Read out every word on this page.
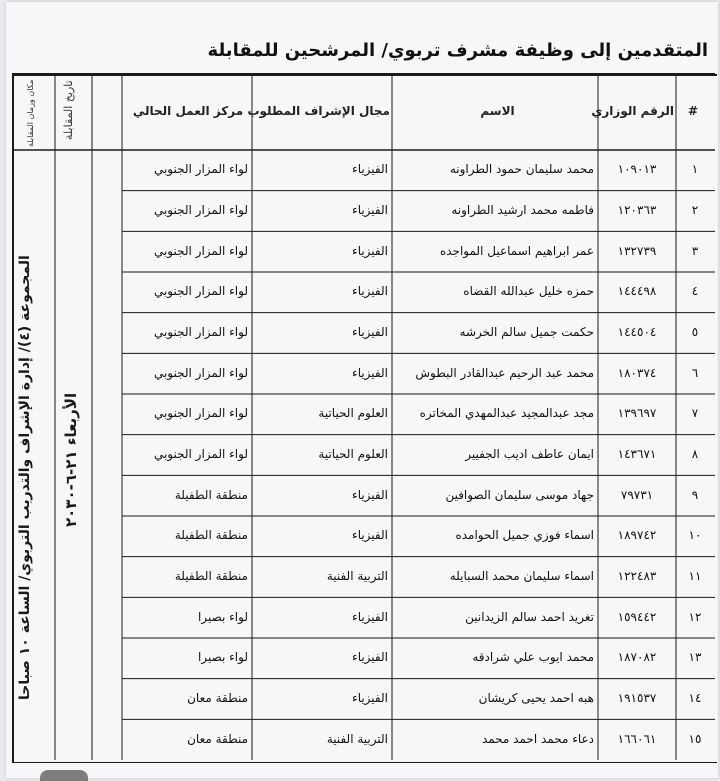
المتقدمين إلى وظيفة مشرف تربوي/ المرشحين للمقابلة
#
الرقم الوزاري
الاسم
مجال الإشراف المطلوب
مركز العمل الحالي
تاريخ المقابلة
مكان وزمان المقابلة
المجموعة (٤)/ إدارة الإشراف والتدريب التربوي/ الساعة ١٠ صباحا
الأربعاء ٢١-٦-٢٠٣٠
١
١٠٩٠١٣
محمد سليمان حمود الطراونه
الفيزياء
لواء المزار الجنوبي
٢
١٢٠٣٦٣
فاطمه محمد ارشيد الطراونه
الفيزياء
لواء المزار الجنوبي
٣
١٣٢٧٣٩
عمر ابراهيم اسماعيل المواجده
الفيزياء
لواء المزار الجنوبي
٤
١٤٤٤٩٨
حمزه خليل عبدالله القضاه
الفيزياء
لواء المزار الجنوبي
٥
١٤٤٥٠٤
حكمت جميل سالم الخرشه
الفيزياء
لواء المزار الجنوبي
٦
١٨٠٣٧٤
محمد عبد الرحيم عبدالقادر البطوش
الفيزياء
لواء المزار الجنوبي
٧
١٣٩٦٩٧
مجد عبدالمجيد عبدالمهدي المخاتره
العلوم الحياتية
لواء المزار الجنوبي
٨
١٤٣٦٧١
ايمان عاطف اديب الجفيير
العلوم الحياتية
لواء المزار الجنوبي
٩
٧٩٧٣١
جهاد موسى سليمان الصوافين
الفيزياء
منطقة الطفيلة
١٠
١٨٩٧٤٢
اسماء فوزي جميل الحوامده
الفيزياء
منطقة الطفيلة
١١
١٢٢٤٨٣
اسماء سليمان محمد السبايله
التربية الفنية
منطقة الطفيلة
١٢
١٥٩٤٤٢
تغريد احمد سالم الزيدانين
الفيزياء
لواء بصيرا
١٣
١٨٧٠٨٢
محمد ايوب علي شرادقه
الفيزياء
لواء بصيرا
١٤
١٩١٥٣٧
هبه احمد يحيى كريشان
الفيزياء
منطقة معان
١٥
١٦٦٠٦١
دعاء محمد احمد محمد
التربية الفنية
منطقة معان
